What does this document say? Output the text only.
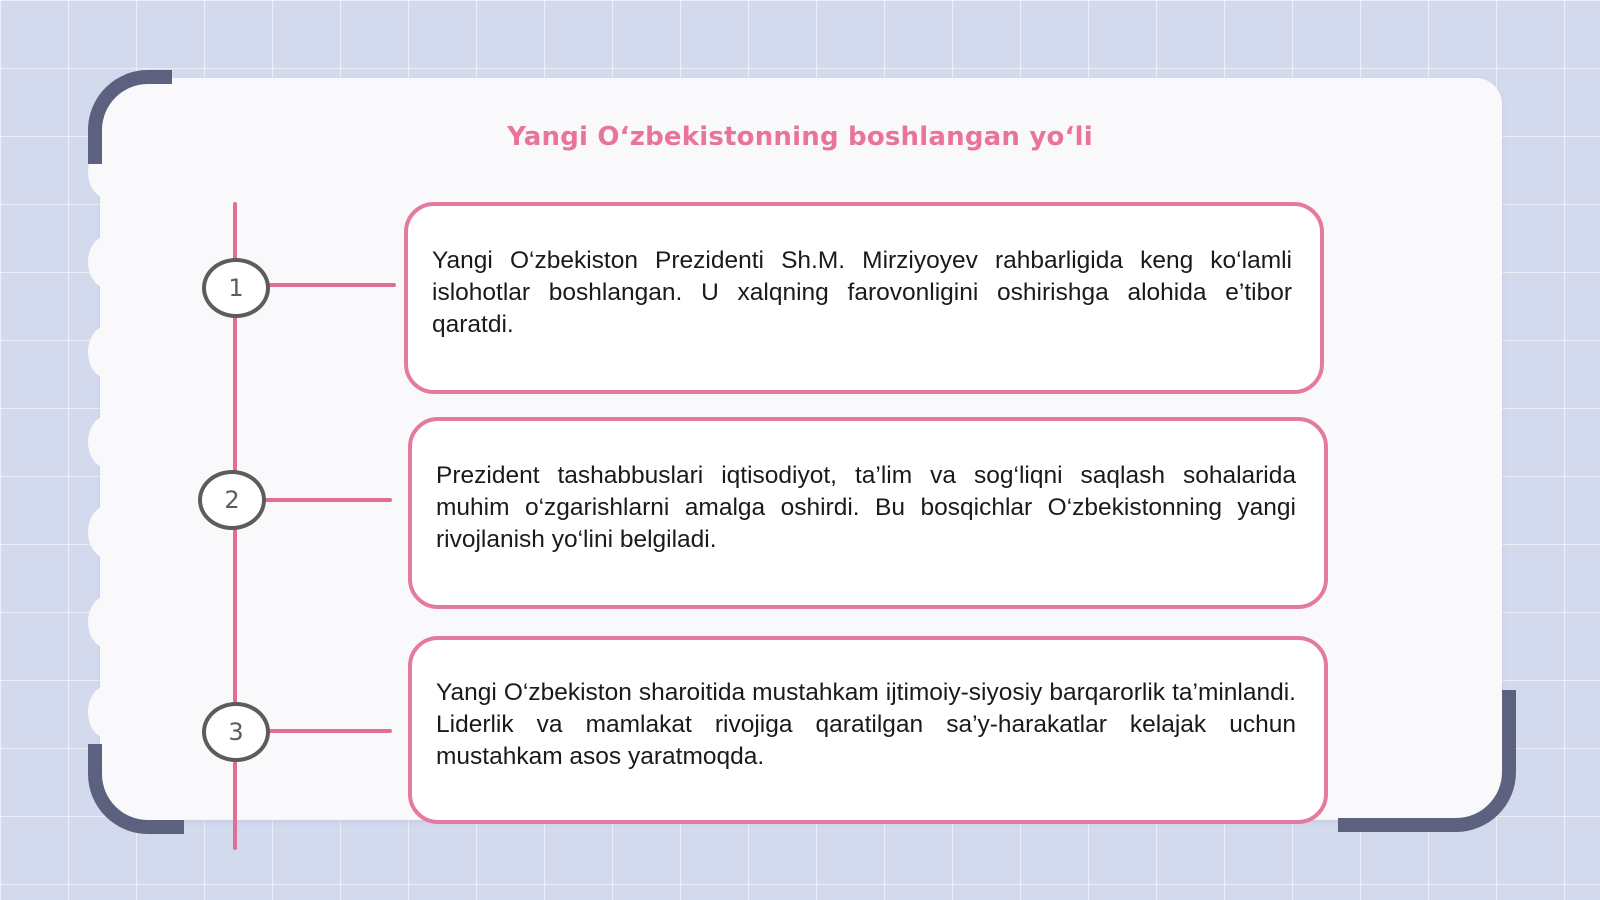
Yangi Oʻzbekistonning boshlangan yoʻli
1
2
3

Yangi O‘zbekiston Prezidenti Sh.M. Mirziyoyev rahbarligida keng ko‘lamli islohotlar boshlangan. U xalqning farovonligini oshirishga alohida e’tibor qaratdi.

Prezident tashabbuslari iqtisodiyot, ta’lim va sog‘liqni saqlash sohalarida muhim o‘zgarishlarni amalga oshirdi. Bu bosqichlar O‘zbekistonning yangi rivojlanish yo‘lini belgiladi.

Yangi O‘zbekiston sharoitida mustahkam ijtimoiy-siyosiy barqarorlik ta’minlandi. Liderlik va mamlakat rivojiga qaratilgan sa’y-harakatlar kelajak uchun mustahkam asos yaratmoqda.
